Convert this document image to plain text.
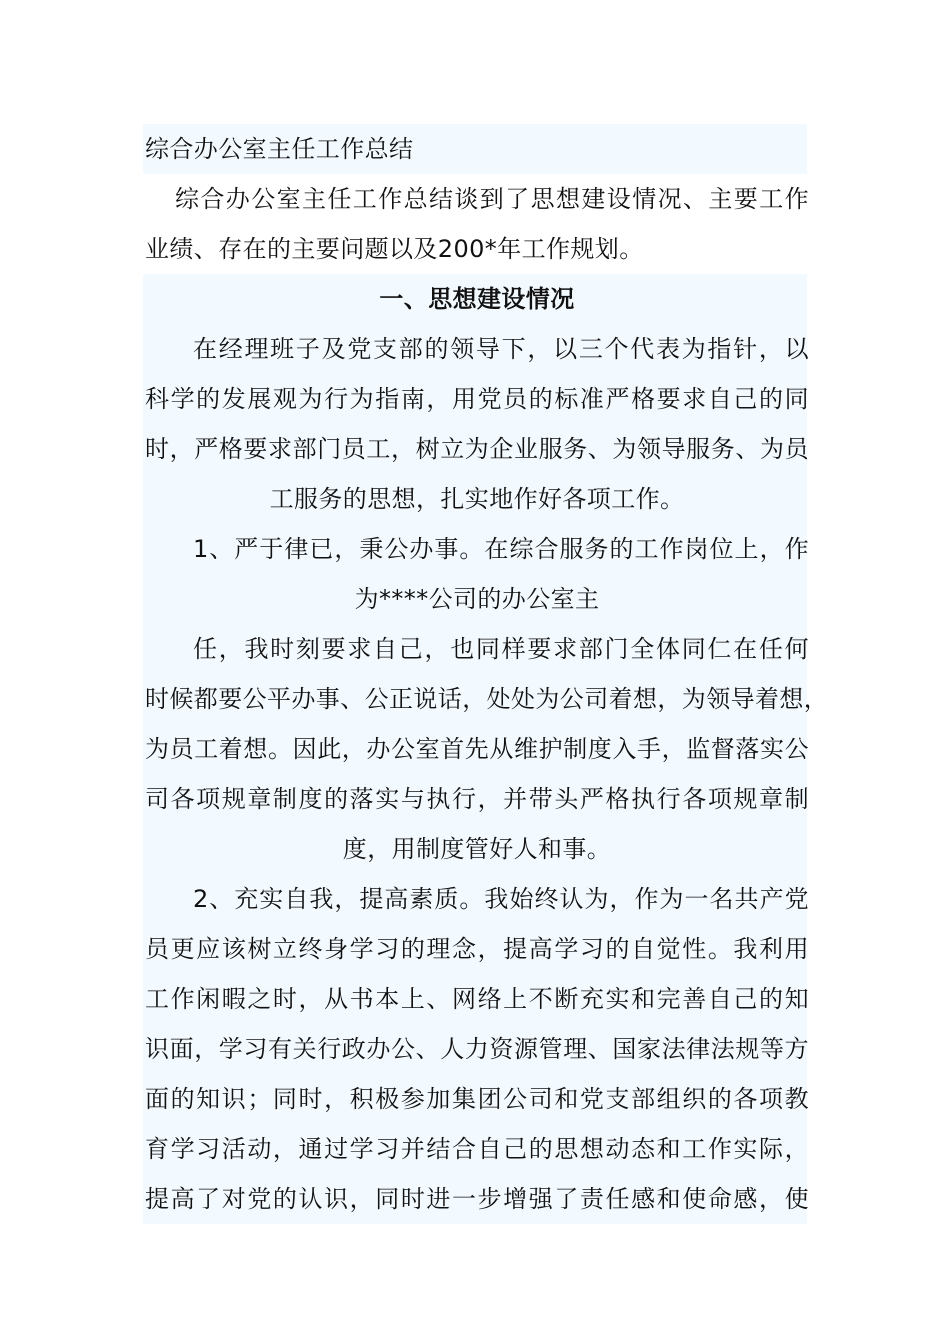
综合办公室主任工作总结
综合办公室主任工作总结谈到了思想建设情况、主要工作
业绩、存在的主要问题以及200*年工作规划。
一、思想建设情况
在经理班子及党支部的领导下，以三个代表为指针，以
科学的发展观为行为指南，用党员的标准严格要求自己的同
时，严格要求部门员工，树立为企业服务、为领导服务、为员
工服务的思想，扎实地作好各项工作。
1、严于律已，秉公办事。在综合服务的工作岗位上，作
为****公司的办公室主
任，我时刻要求自己，也同样要求部门全体同仁在任何
时候都要公平办事、公正说话，处处为公司着想，为领导着想，
为员工着想。因此，办公室首先从维护制度入手，监督落实公
司各项规章制度的落实与执行，并带头严格执行各项规章制
度，用制度管好人和事。
2、充实自我，提高素质。我始终认为，作为一名共产党
员更应该树立终身学习的理念，提高学习的自觉性。我利用
工作闲暇之时，从书本上、网络上不断充实和完善自己的知
识面，学习有关行政办公、人力资源管理、国家法律法规等方
面的知识；同时，积极参加集团公司和党支部组织的各项教
育学习活动，通过学习并结合自己的思想动态和工作实际，
提高了对党的认识，同时进一步增强了责任感和使命感，使
